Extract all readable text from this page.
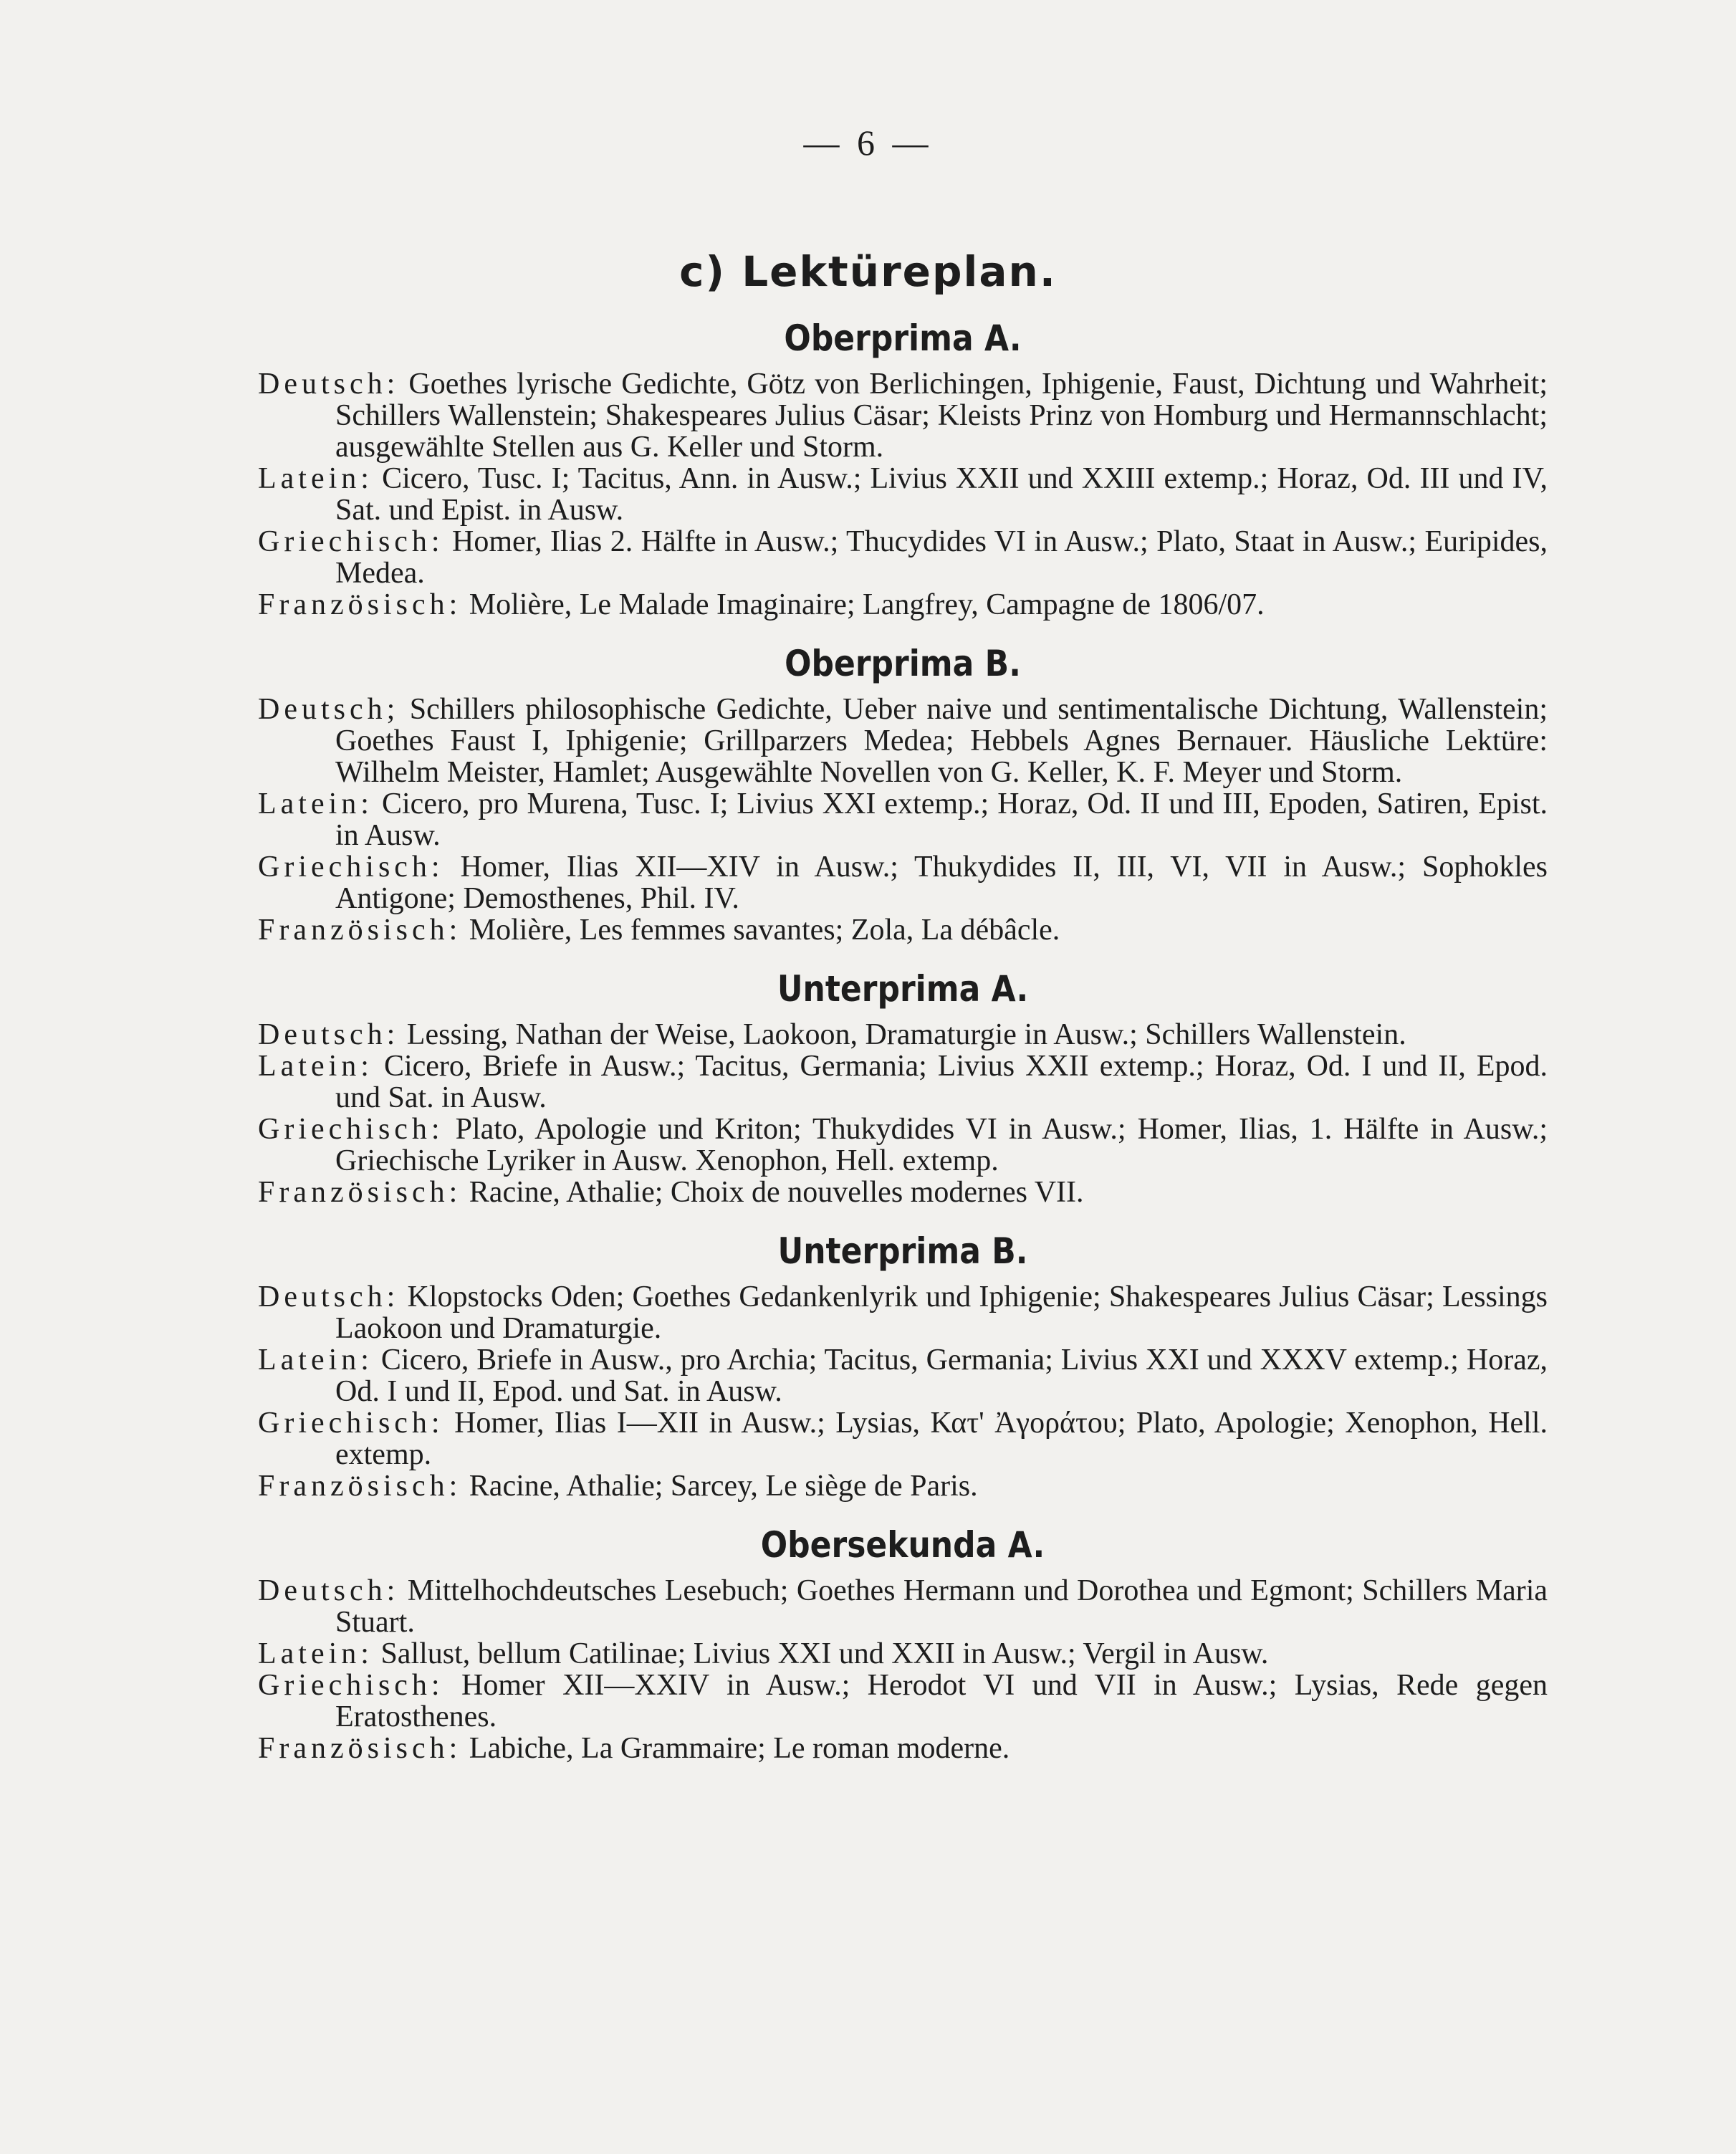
— 6 —
c) Lektüreplan.
Oberprima A.
Deutsch: Goethes lyrische Gedichte, Götz von Berlichingen, Iphigenie, Faust, Dichtung und Wahrheit; Schillers Wallenstein; Shakespeares Julius Cäsar; Kleists Prinz von Homburg und Hermannschlacht; ausgewählte Stellen aus G. Keller und Storm.
Latein: Cicero, Tusc. I; Tacitus, Ann. in Ausw.; Livius XXII und XXIII extemp.; Horaz, Od. III und IV, Sat. und Epist. in Ausw.
Griechisch: Homer, Ilias 2. Hälfte in Ausw.; Thucydides VI in Ausw.; Plato, Staat in Ausw.; Euripides, Medea.
Französisch: Molière, Le Malade Imaginaire; Langfrey, Campagne de 1806/07.
Oberprima B.
Deutsch; Schillers philosophische Gedichte, Ueber naive und sentimentalische Dichtung, Wallenstein; Goethes Faust I, Iphigenie; Grillparzers Medea; Hebbels Agnes Bernauer. Häusliche Lektüre: Wilhelm Meister, Hamlet; Ausgewählte Novellen von G. Keller, K. F. Meyer und Storm.
Latein: Cicero, pro Murena, Tusc. I; Livius XXI extemp.; Horaz, Od. II und III, Epoden, Satiren, Epist. in Ausw.
Griechisch: Homer, Ilias XII—XIV in Ausw.; Thukydides II, III, VI, VII in Ausw.; Sophokles Antigone; Demosthenes, Phil. IV.
Französisch: Molière, Les femmes savantes; Zola, La débâcle.
Unterprima A.
Deutsch: Lessing, Nathan der Weise, Laokoon, Dramaturgie in Ausw.; Schillers Wallenstein.
Latein: Cicero, Briefe in Ausw.; Tacitus, Germania; Livius XXII extemp.; Horaz, Od. I und II, Epod. und Sat. in Ausw.
Griechisch: Plato, Apologie und Kriton; Thukydides VI in Ausw.; Homer, Ilias, 1. Hälfte in Ausw.; Griechische Lyriker in Ausw. Xenophon, Hell. extemp.
Französisch: Racine, Athalie; Choix de nouvelles modernes VII.
Unterprima B.
Deutsch: Klopstocks Oden; Goethes Gedankenlyrik und Iphigenie; Shakespeares Julius Cäsar; Lessings Laokoon und Dramaturgie.
Latein: Cicero, Briefe in Ausw., pro Archia; Tacitus, Germania; Livius XXI und XXXV extemp.; Horaz, Od. I und II, Epod. und Sat. in Ausw.
Griechisch: Homer, Ilias I—XII in Ausw.; Lysias, Κατ' Ἀγοράτου; Plato, Apologie; Xenophon, Hell. extemp.
Französisch: Racine, Athalie; Sarcey, Le siège de Paris.
Obersekunda A.
Deutsch: Mittelhochdeutsches Lesebuch; Goethes Hermann und Dorothea und Egmont; Schillers Maria Stuart.
Latein: Sallust, bellum Catilinae; Livius XXI und XXII in Ausw.; Vergil in Ausw.
Griechisch: Homer XII—XXIV in Ausw.; Herodot VI und VII in Ausw.; Lysias, Rede gegen Eratosthenes.
Französisch: Labiche, La Grammaire; Le roman moderne.
